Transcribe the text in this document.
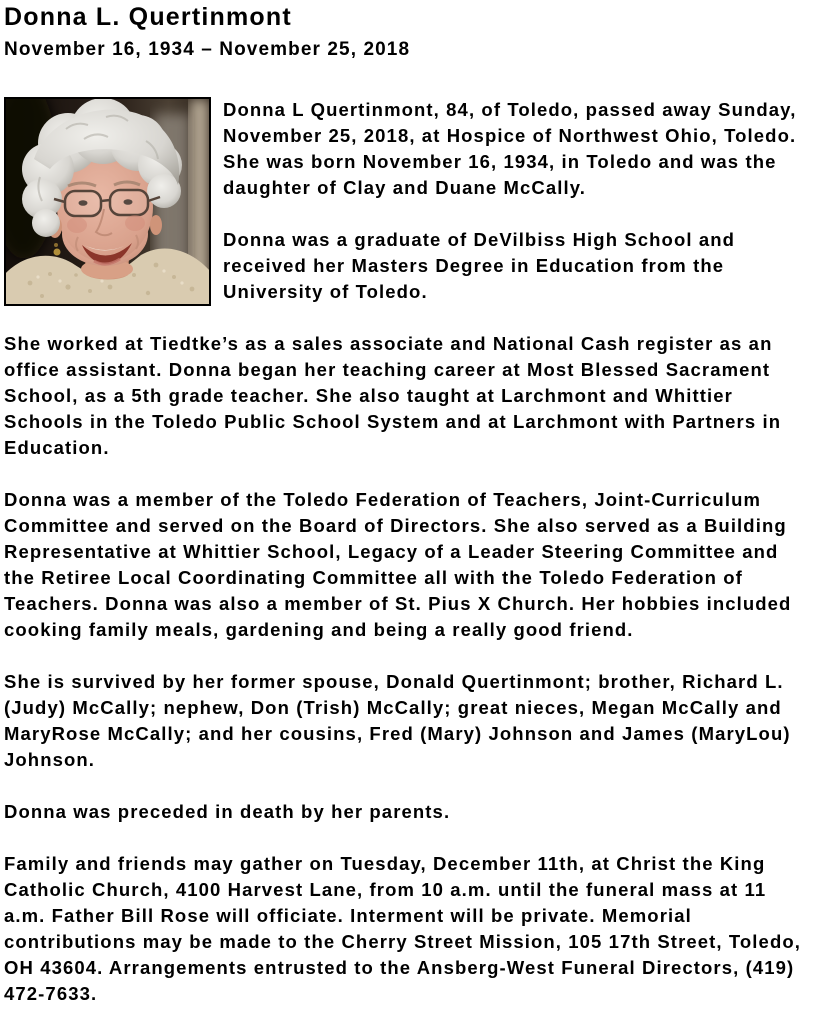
Donna L. Quertinmont
November 16, 1934 – November 25, 2018

Donna L Quertinmont, 84, of Toledo, passed away Sunday, November 25, 2018, at Hospice of Northwest Ohio, Toledo. She was born November 16, 1934, in Toledo and was the daughter of Clay and Duane McCally.

Donna was a graduate of DeVilbiss High School and received her Masters Degree in Education from the University of Toledo.

She worked at Tiedtke’s as a sales associate and National Cash register as an office assistant. Donna began her teaching career at Most Blessed Sacrament School, as a 5th grade teacher. She also taught at Larchmont and Whittier Schools in the Toledo Public School System and at Larchmont with Partners in Education.

Donna was a member of the Toledo Federation of Teachers, Joint-Curriculum Committee and served on the Board of Directors. She also served as a Building Representative at Whittier School, Legacy of a Leader Steering Committee and the Retiree Local Coordinating Committee all with the Toledo Federation of Teachers. Donna was also a member of St. Pius X Church. Her hobbies included cooking family meals, gardening and being a really good friend.

She is survived by her former spouse, Donald Quertinmont; brother, Richard L. (Judy) McCally; nephew, Don (Trish) McCally; great nieces, Megan McCally and MaryRose McCally; and her cousins, Fred (Mary) Johnson and James (MaryLou) Johnson.

Donna was preceded in death by her parents.

Family and friends may gather on Tuesday, December 11th, at Christ the King Catholic Church, 4100 Harvest Lane, from 10 a.m. until the funeral mass at 11 a.m. Father Bill Rose will officiate. Interment will be private. Memorial contributions may be made to the Cherry Street Mission, 105 17th Street, Toledo, OH 43604. Arrangements entrusted to the Ansberg-West Funeral Directors, (419) 472-7633.
